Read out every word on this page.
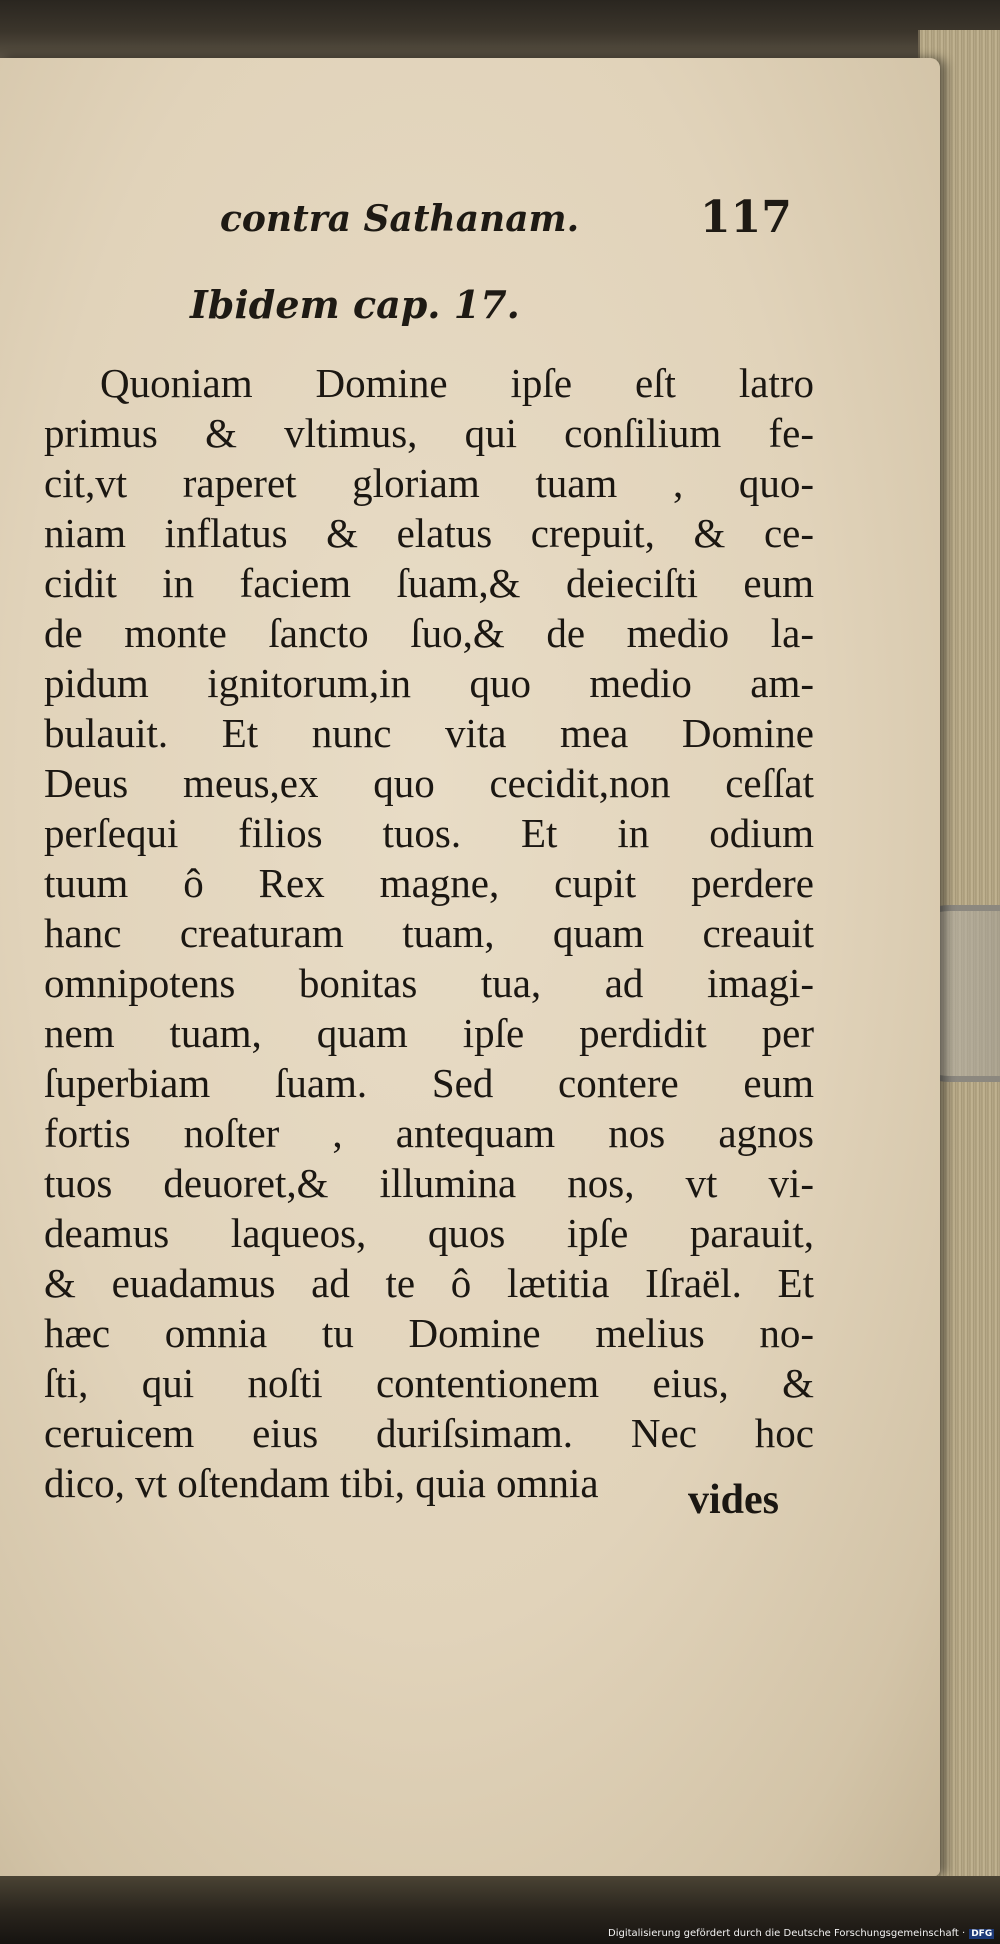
contra Sathanam.	117
Ibidem cap. 17.
Quoniam Domine ipſe eſt latro
primus & vltimus, qui conſilium fe-
cit,vt raperet gloriam tuam , quo-
niam inflatus & elatus crepuit, & ce-
cidit in faciem ſuam,& deieciſti eum
de monte ſancto ſuo,& de medio la-
pidum ignitorum,in quo medio am-
bulauit. Et nunc vita mea Domine
Deus meus,ex quo cecidit,non ceſſat
perſequi filios tuos. Et in odium
tuum ô Rex magne, cupit perdere
hanc creaturam tuam, quam creauit
omnipotens bonitas tua, ad imagi-
nem tuam, quam ipſe perdidit per
ſuperbiam ſuam. Sed contere eum
fortis noſter , antequam nos agnos
tuos deuoret,& illumina nos, vt vi-
deamus laqueos, quos ipſe parauit,
& euadamus ad te ô lætitia Iſraël. Et
hæc omnia tu Domine melius no-
ſti, qui noſti contentionem eius, &
ceruicem eius duriſsimam. Nec hoc
dico, vt oſtendam tibi, quia omnia	vides
Digitalisierung gefördert durch die Deutsche Forschungsgemeinschaft · DFG
